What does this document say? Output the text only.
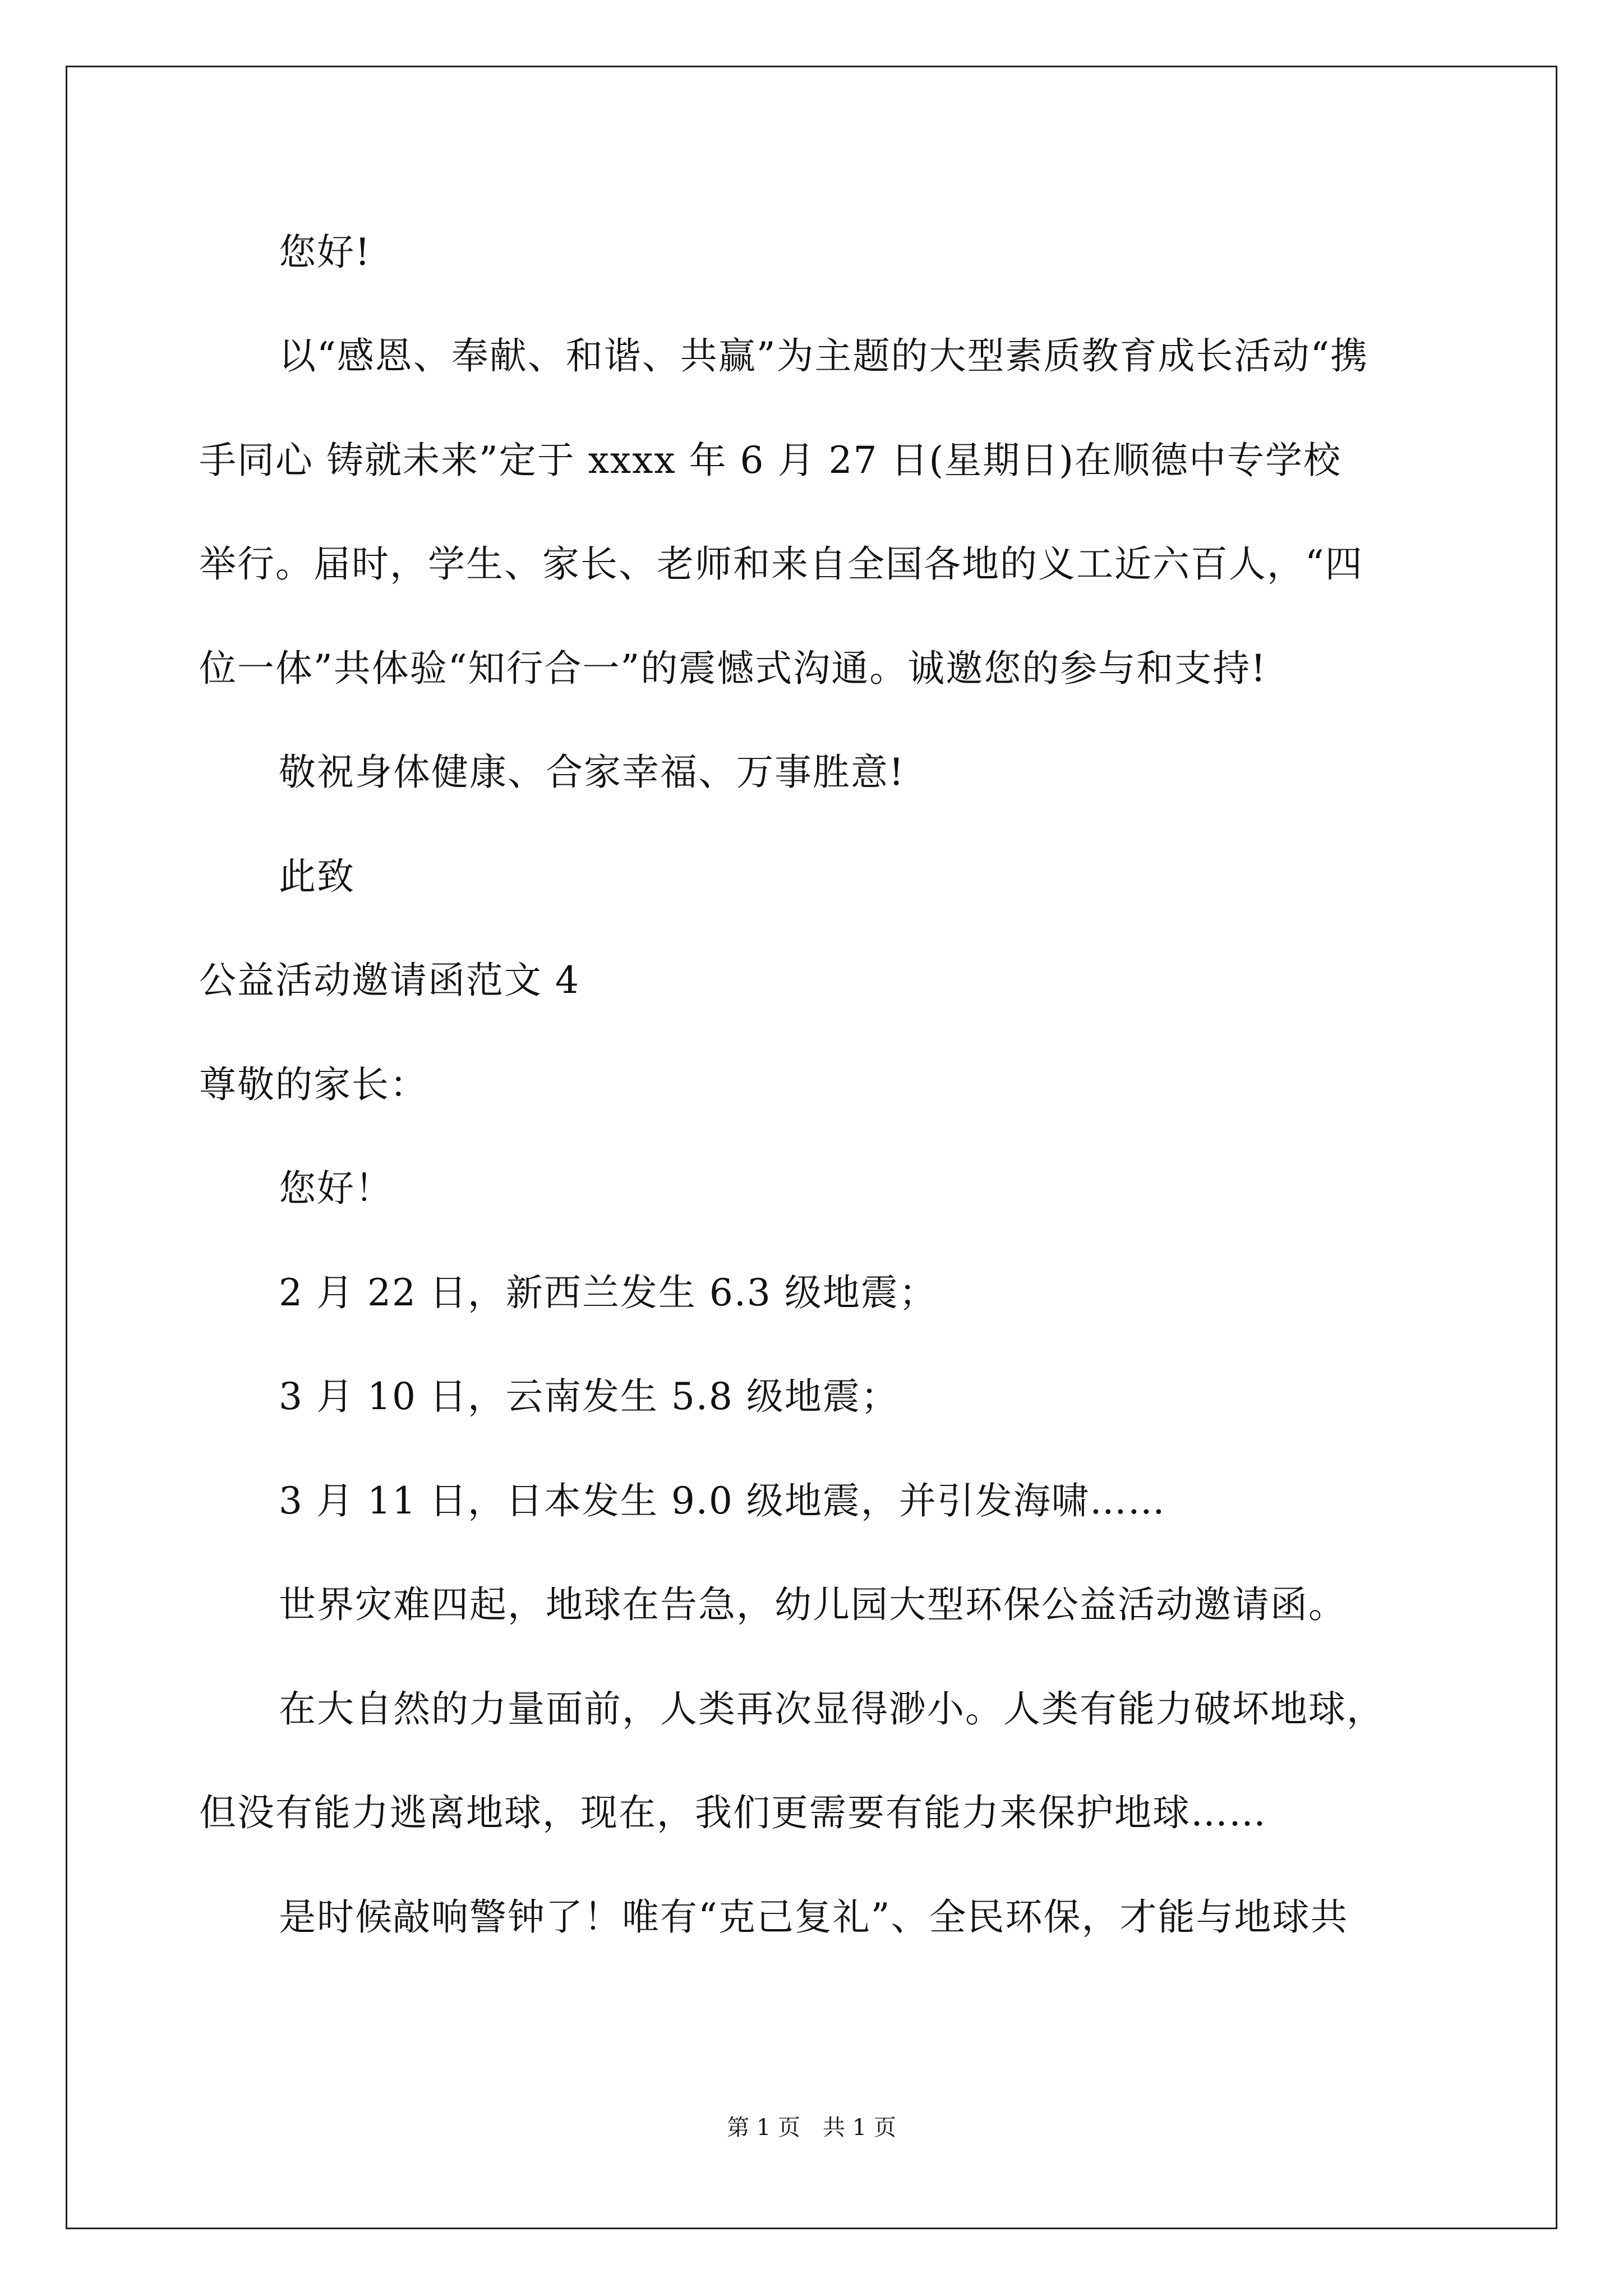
您好!
以“感恩、奉献、和谐、共赢”为主题的大型素质教育成长活动“携
手同心 铸就未来”定于 xxxx 年 6 月 27 日(星期日)在顺德中专学校
举行。届时，学生、家长、老师和来自全国各地的义工近六百人，“四
位一体”共体验“知行合一”的震憾式沟通。诚邀您的参与和支持!
敬祝身体健康、合家幸福、万事胜意!
此致
公益活动邀请函范文 4
尊敬的家长：
您好！
2 月 22 日，新西兰发生 6.3 级地震；
3 月 10 日，云南发生 5.8 级地震；
3 月 11 日，日本发生 9.0 级地震，并引发海啸……
世界灾难四起，地球在告急，幼儿园大型环保公益活动邀请函。
在大自然的力量面前，人类再次显得渺小。人类有能力破坏地球，
但没有能力逃离地球，现在，我们更需要有能力来保护地球……
是时候敲响警钟了！唯有“克己复礼”、全民环保，才能与地球共
第 1 页　共 1 页
